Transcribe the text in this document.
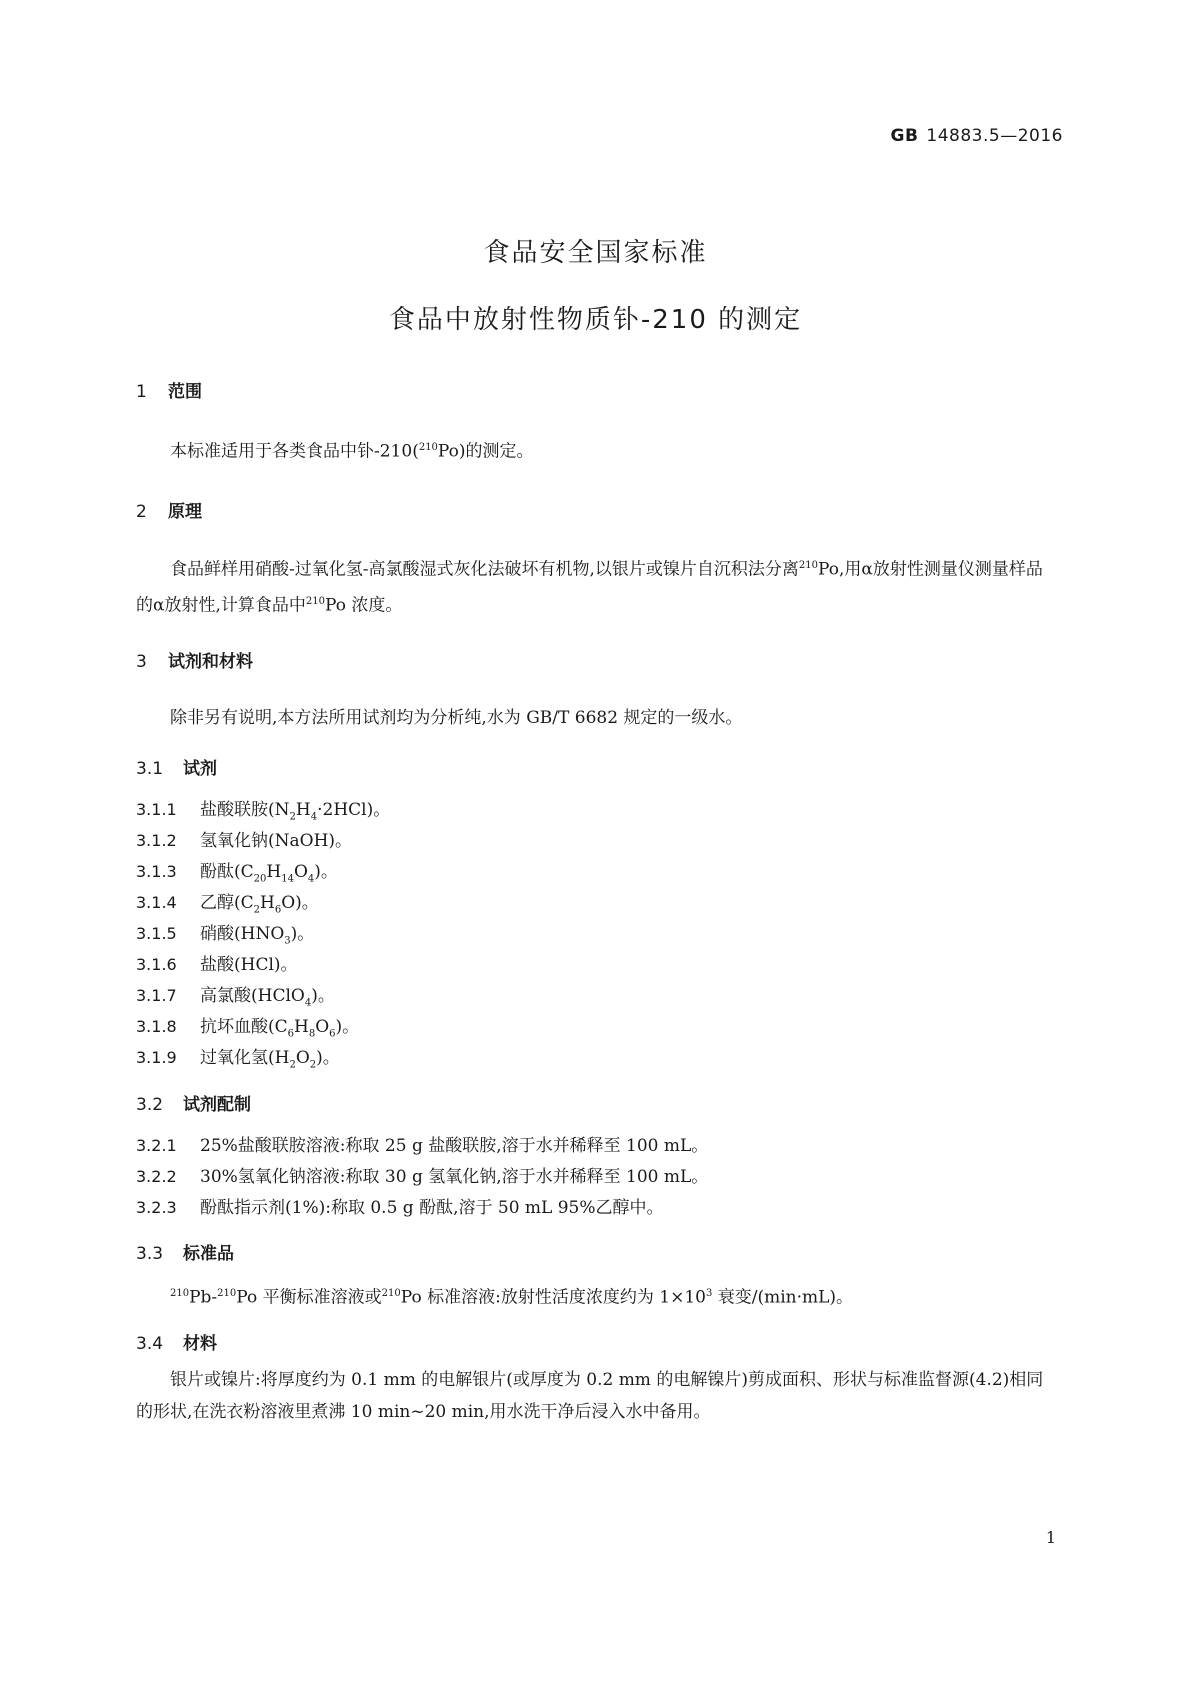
GB 14883.5—2016
食品安全国家标准
食品中放射性物质钋-210 的测定
1 范围
本标准适用于各类食品中钋-210($^{210}$Po)的测定。
2 原理
食品鲜样用硝酸-过氧化氢-高氯酸湿式灰化法破坏有机物,以银片或镍片自沉积法分离$^{210}$Po,用α放射性测量仪测量样品的α放射性,计算食品中$^{210}$Po 浓度。
3 试剂和材料
除非另有说明,本方法所用试剂均为分析纯,水为 GB/T 6682 规定的一级水。
3.1 试剂
3.1.1 盐酸联胺$(N_2H_4\cdot 2HCl)$。
3.1.2 氢氧化钠(NaOH)。
3.1.3 酚酞$(C_{20}H_{14}O_4)$。
3.1.4 乙醇$(C_2H_6O)$。
3.1.5 硝酸$(HNO_3)$。
3.1.6 盐酸(HCl)。
3.1.7 高氯酸(HClO$_4$)。
3.1.8 抗坏血酸$(C_6H_8O_6)$。
3.1.9 过氧化氢$(H_2O_2)$。
3.2 试剂配制
3.2.1 25%盐酸联胺溶液:称取 25 g 盐酸联胺,溶于水并稀释至 100 mL。
3.2.2 30%氢氧化钠溶液:称取 30 g 氢氧化钠,溶于水并稀释至 100 mL。
3.2.3 酚酞指示剂(1%):称取 0.5 g 酚酞,溶于 50 mL 95%乙醇中。
3.3 标准品
$^{210}$Pb-$^{210}$Po 平衡标准溶液或$^{210}$Po 标准溶液:放射性活度浓度约为 $1\times 10^3$ 衰变/(min·mL)。
3.4 材料
银片或镍片:将厚度约为 0.1 mm 的电解银片(或厚度为 0.2 mm 的电解镍片)剪成面积、形状与标准监督源(4.2)相同的形状,在洗衣粉溶液里煮沸 10 min~20 min,用水洗干净后浸入水中备用。
1
